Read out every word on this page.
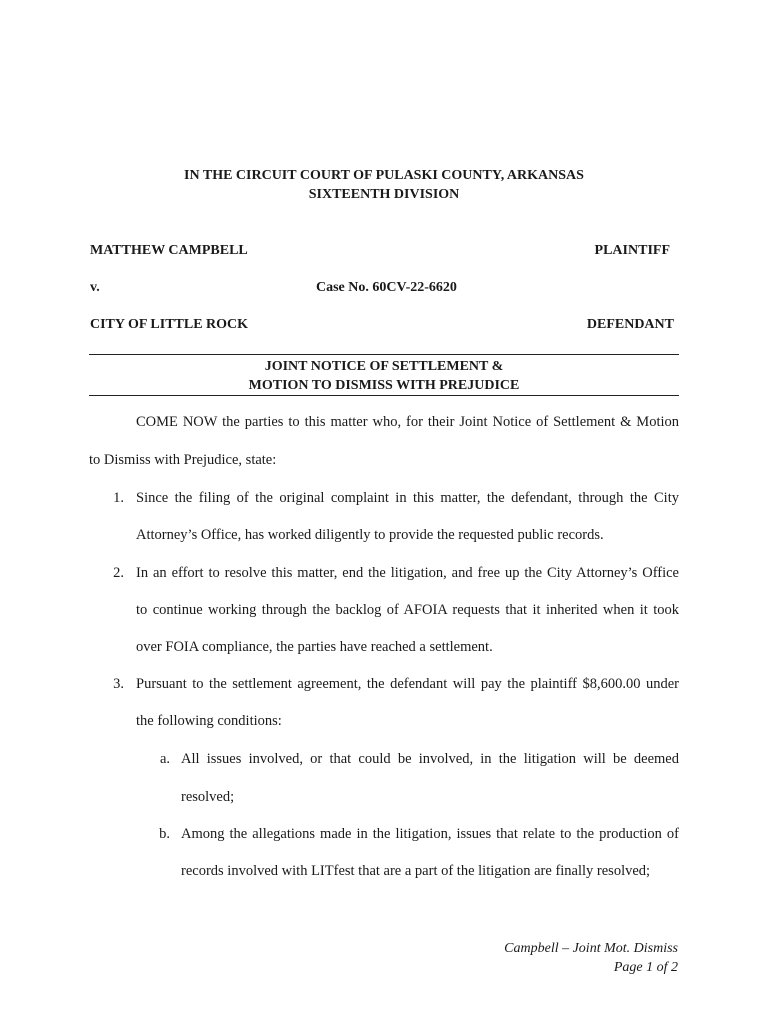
IN THE CIRCUIT COURT OF PULASKI COUNTY, ARKANSAS
SIXTEENTH DIVISION
MATTHEW CAMPBELL	PLAINTIFF
v.	Case No. 60CV-22-6620
CITY OF LITTLE ROCK	DEFENDANT
JOINT NOTICE OF SETTLEMENT &
MOTION TO DISMISS WITH PREJUDICE
COME NOW the parties to this matter who, for their Joint Notice of Settlement & Motion
to Dismiss with Prejudice, state:
1. Since the filing of the original complaint in this matter, the defendant, through the City
Attorney’s Office, has worked diligently to provide the requested public records.
2. In an effort to resolve this matter, end the litigation, and free up the City Attorney’s Office
to continue working through the backlog of AFOIA requests that it inherited when it took
over FOIA compliance, the parties have reached a settlement.
3. Pursuant to the settlement agreement, the defendant will pay the plaintiff $8,600.00 under
the following conditions:
a. All issues involved, or that could be involved, in the litigation will be deemed
resolved;
b. Among the allegations made in the litigation, issues that relate to the production of
records involved with LITfest that are a part of the litigation are finally resolved;
Campbell – Joint Mot. Dismiss
Page 1 of 2
